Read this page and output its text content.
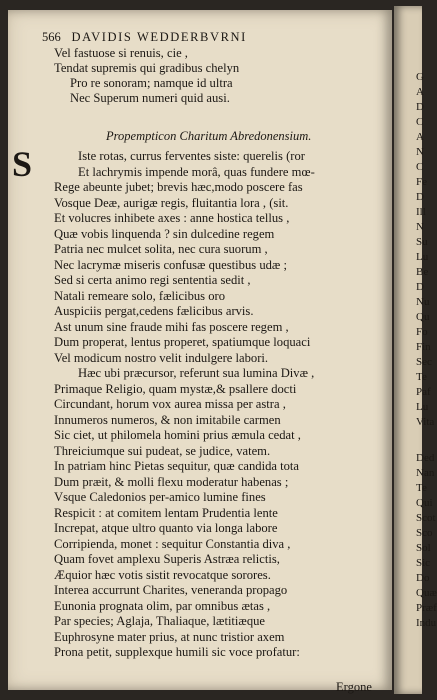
566 DAVIDIS WEDDERBVRNI
Vel fastuose si renuis, cie ,
Tendat supremis qui gradibus chelyn
Pro re sonoram; namque id ultra
Nec Superum numeri quid ausi.
Propempticon Charitum Abredonensium.
S	Iste rotas, currus ferventes siste: querelis (ror
Et lachrymis impende morâ, quas fundere mœ-
Rege abeunte jubet; brevis hæc,modo poscere fas
Vosque Deæ, aurigæ regis, fluitantia lora , (sit.
Et volucres inhibete axes : anne hostica tellus ,
Quæ vobis linquenda ? sin dulcedine regem
Patria nec mulcet solita, nec cura suorum ,
Nec lacrymæ miseris confusæ questibus udæ ;
Sed si certa animo regi sententia sedit ,
Natali remeare solo, fælicibus oro
Auspiciis pergat,cedens fælicibus arvis.
Ast unum sine fraude mihi fas poscere regem ,
Dum properat, lentus properet, spatiumque loquaci
Vel modicum nostro velit indulgere labori.
Hæc ubi præcursor, referunt sua lumina Divæ ,
Primaque Religio, quam mystæ,& psallere docti
Circundant, horum vox aurea missa per astra ,
Innumeros numeros, & non imitabile carmen
Sic ciet, ut philomela homini prius æmula cedat ,
Threiciumque sui pudeat, se judice, vatem.
In patriam hinc Pietas sequitur, quæ candida tota
Dum præit, & molli flexu moderatur habenas ;
Vsque Caledonios per-amico lumine fines
Respicit : at comitem lentam Prudentia lente
Increpat, atque ultro quanto via longa labore
Corripienda, monet : sequitur Constantia diva ,
Quam fovet amplexu Superis Astræa relictis,
Æquior hæc votis sistit revocatque sorores.
Interea accurrunt Charites, veneranda propago
Eunonia prognata olim, par omnibus ætas ,
Par species; Aglaja, Thaliaque, lætitiæque
Euphrosyne mater prius, at nunc tristior axem
Prona petit, supplexque humili sic voce profatur:
Ergone
G
A
D
C
A
N
C
Fe
D
Ill
N
Su
Lu
Be
D
Nu
Qu
Fo
Fin
Sec
Te
Paf
Lu
Vita
Ded
Nan
Te
Qui
Scot
Sco
Sol
Sic
Do
Quæ
Præf
Indu
